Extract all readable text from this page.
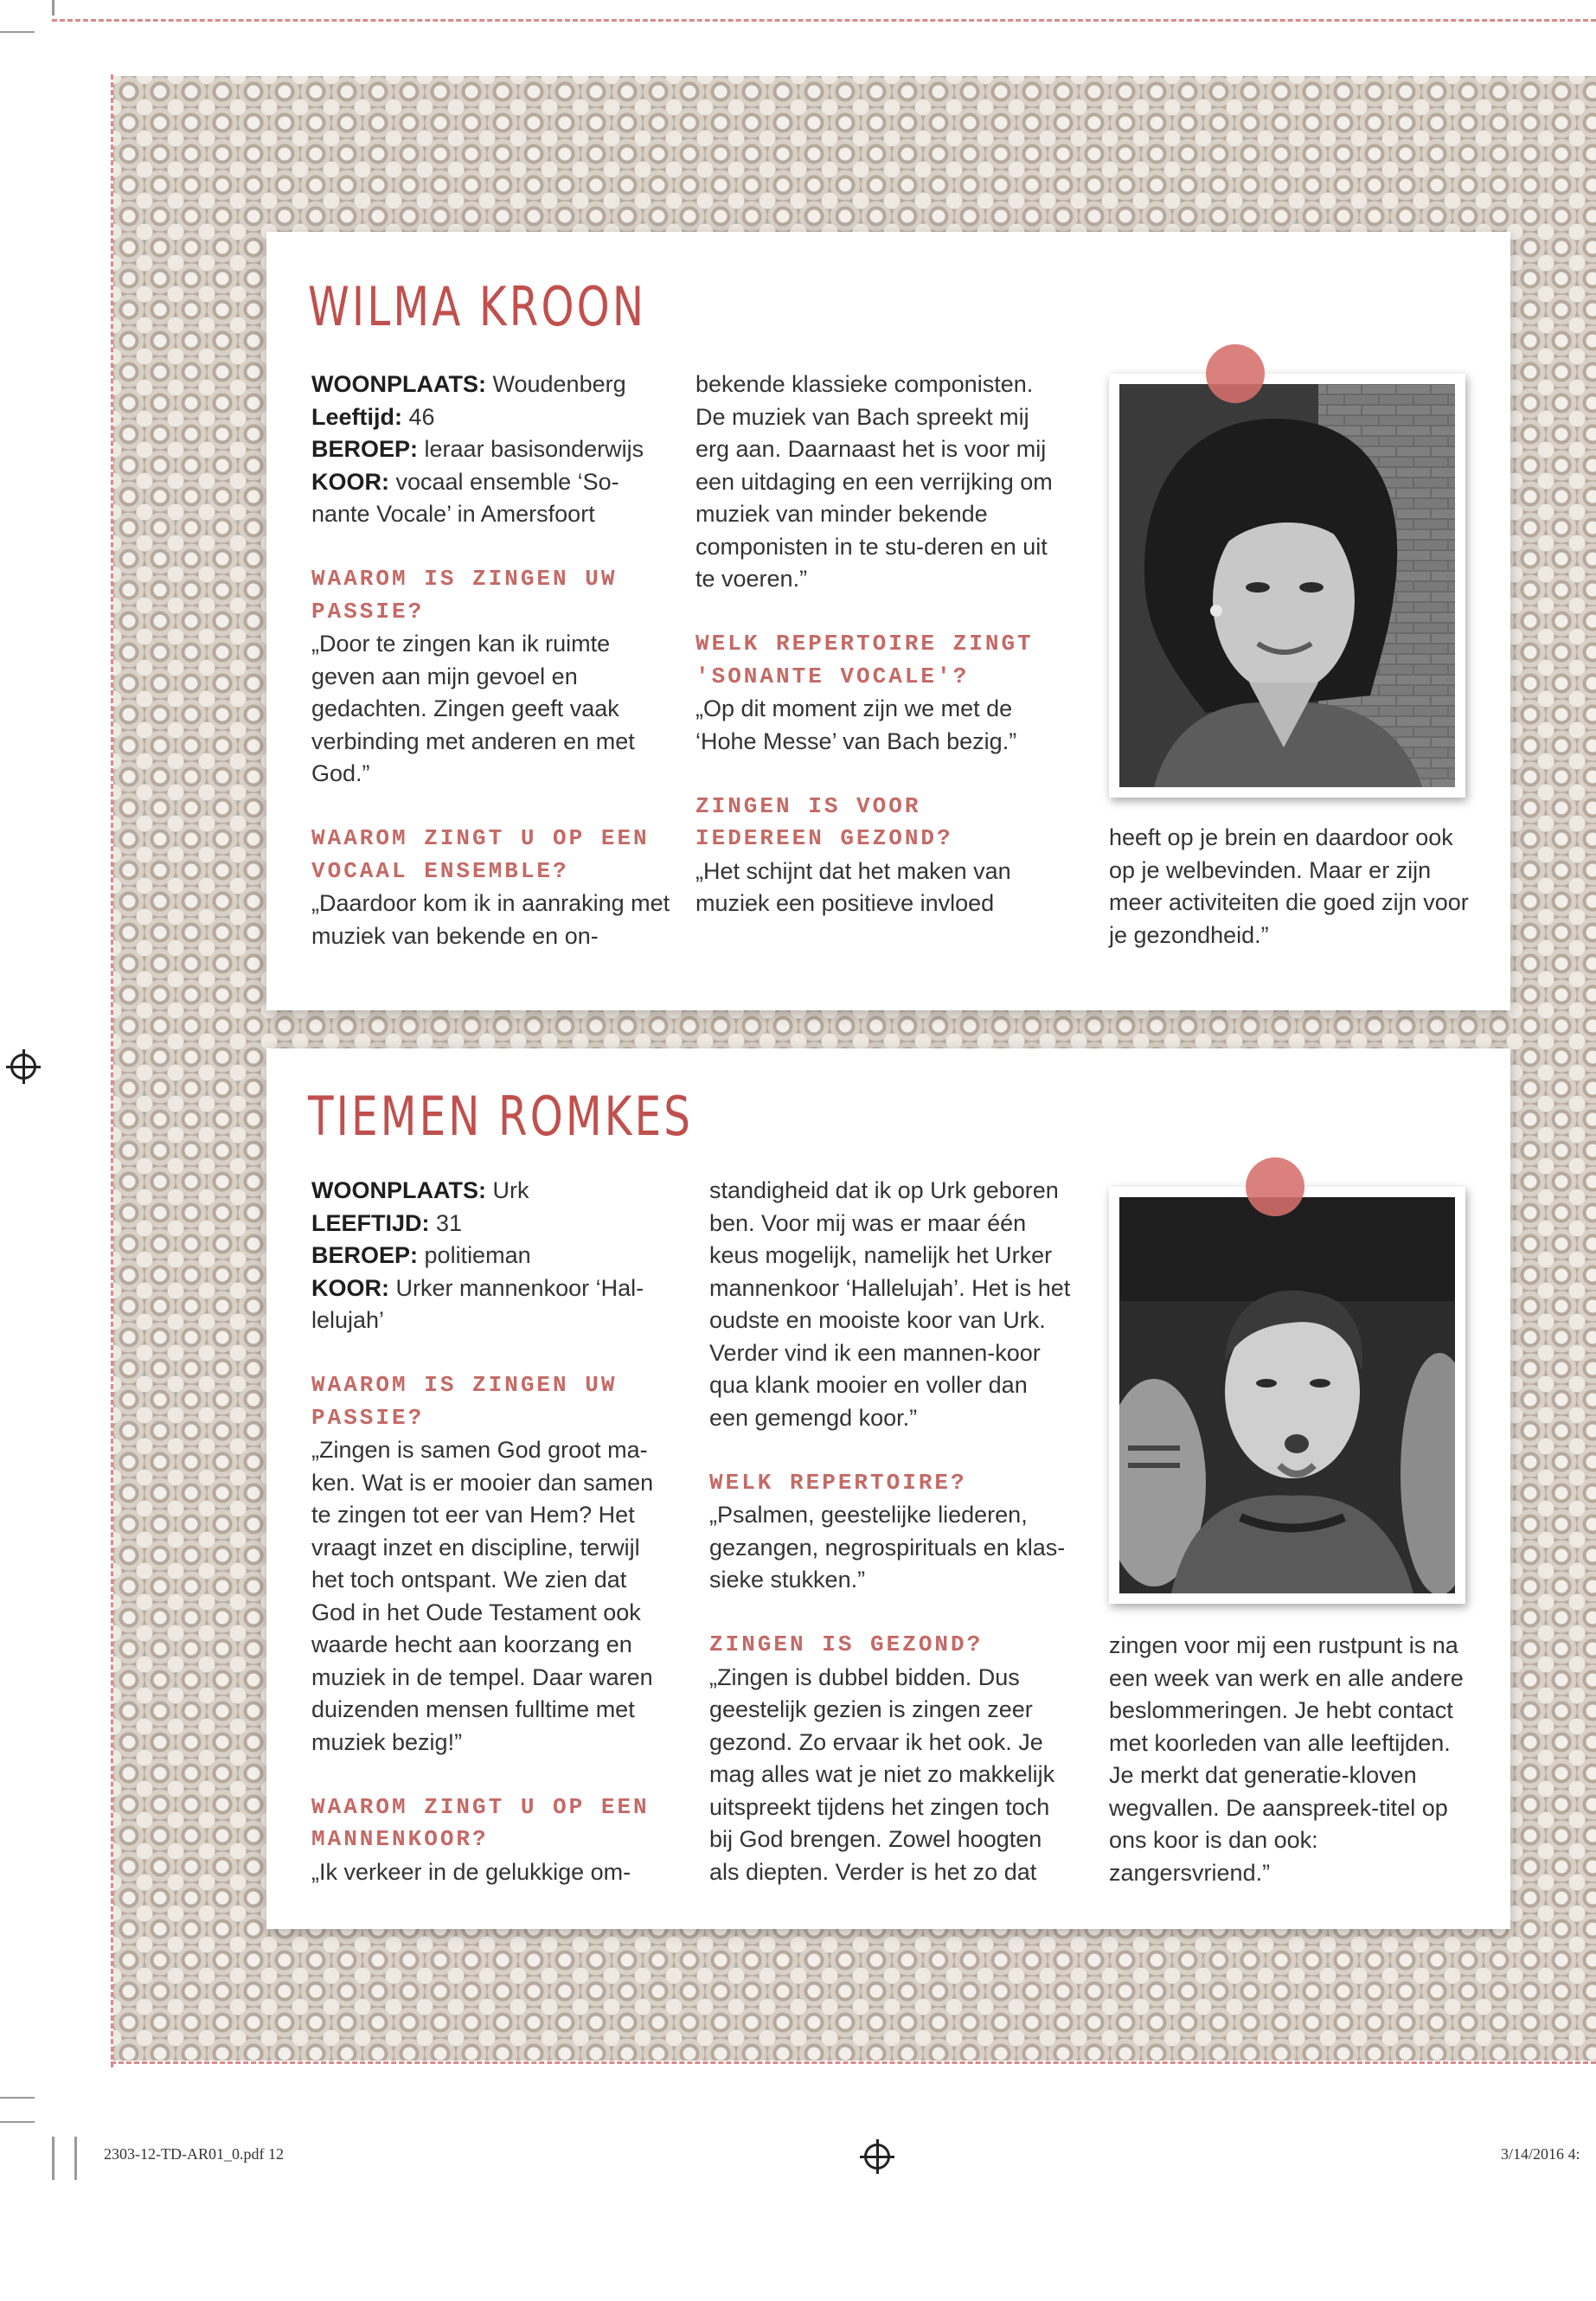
WILMA KROON

WOONPLAATS: Woudenberg
Leeftijd: 46
BEROEP: leraar basisonderwijs
KOOR: vocaal ensemble ‘So-nante Vocale’ in Amersfoort

WAAROM IS ZINGEN UW PASSIE?
„Door te zingen kan ik ruimte geven aan mijn gevoel en gedachten. Zingen geeft vaak verbinding met anderen en met God.”

WAAROM ZINGT U OP EEN VOCAAL ENSEMBLE?
„Daardoor kom ik in aanraking met muziek van bekende en on-

bekende klassieke componisten. De muziek van Bach spreekt mij erg aan. Daarnaast het is voor mij een uitdaging en een verrijking om muziek van minder bekende componisten in te stu-deren en uit te voeren.”

WELK REPERTOIRE ZINGT 'SONANTE VOCALE'?
„Op dit moment zijn we met de ‘Hohe Messe’ van Bach bezig.”

ZINGEN IS VOOR IEDEREEN GEZOND?
„Het schijnt dat het maken van muziek een positieve invloed

heeft op je brein en daardoor ook op je welbevinden. Maar er zijn meer activiteiten die goed zijn voor je gezondheid.”

TIEMEN ROMKES

WOONPLAATS: Urk
LEEFTIJD: 31
BEROEP: politieman
KOOR: Urker mannenkoor ‘Hal-lelujah’

WAAROM IS ZINGEN UW PASSIE?
„Zingen is samen God groot ma-ken. Wat is er mooier dan samen te zingen tot eer van Hem? Het vraagt inzet en discipline, terwijl het toch ontspant. We zien dat God in het Oude Testament ook waarde hecht aan koorzang en muziek in de tempel. Daar waren duizenden mensen fulltime met muziek bezig!”

WAAROM ZINGT U OP EEN MANNENKOOR?
„Ik verkeer in de gelukkige om-

standigheid dat ik op Urk geboren ben. Voor mij was er maar één keus mogelijk, namelijk het Urker mannenkoor ‘Hallelujah’. Het is het oudste en mooiste koor van Urk. Verder vind ik een mannen-koor qua klank mooier en voller dan een gemengd koor.”

WELK REPERTOIRE?
„Psalmen, geestelijke liederen, gezangen, negrospirituals en klas-sieke stukken.”

ZINGEN IS GEZOND?
„Zingen is dubbel bidden. Dus geestelijk gezien is zingen zeer gezond. Zo ervaar ik het ook. Je mag alles wat je niet zo makkelijk uitspreekt tijdens het zingen toch bij God brengen. Zowel hoogten als diepten. Verder is het zo dat

zingen voor mij een rustpunt is na een week van werk en alle andere beslommeringen. Je hebt contact met koorleden van alle leeftijden. Je merkt dat generatie-kloven wegvallen. De aanspreek-titel op ons koor is dan ook: zangersvriend.”

2303-12-TD-AR01_0.pdf 12	3/14/2016 4:
